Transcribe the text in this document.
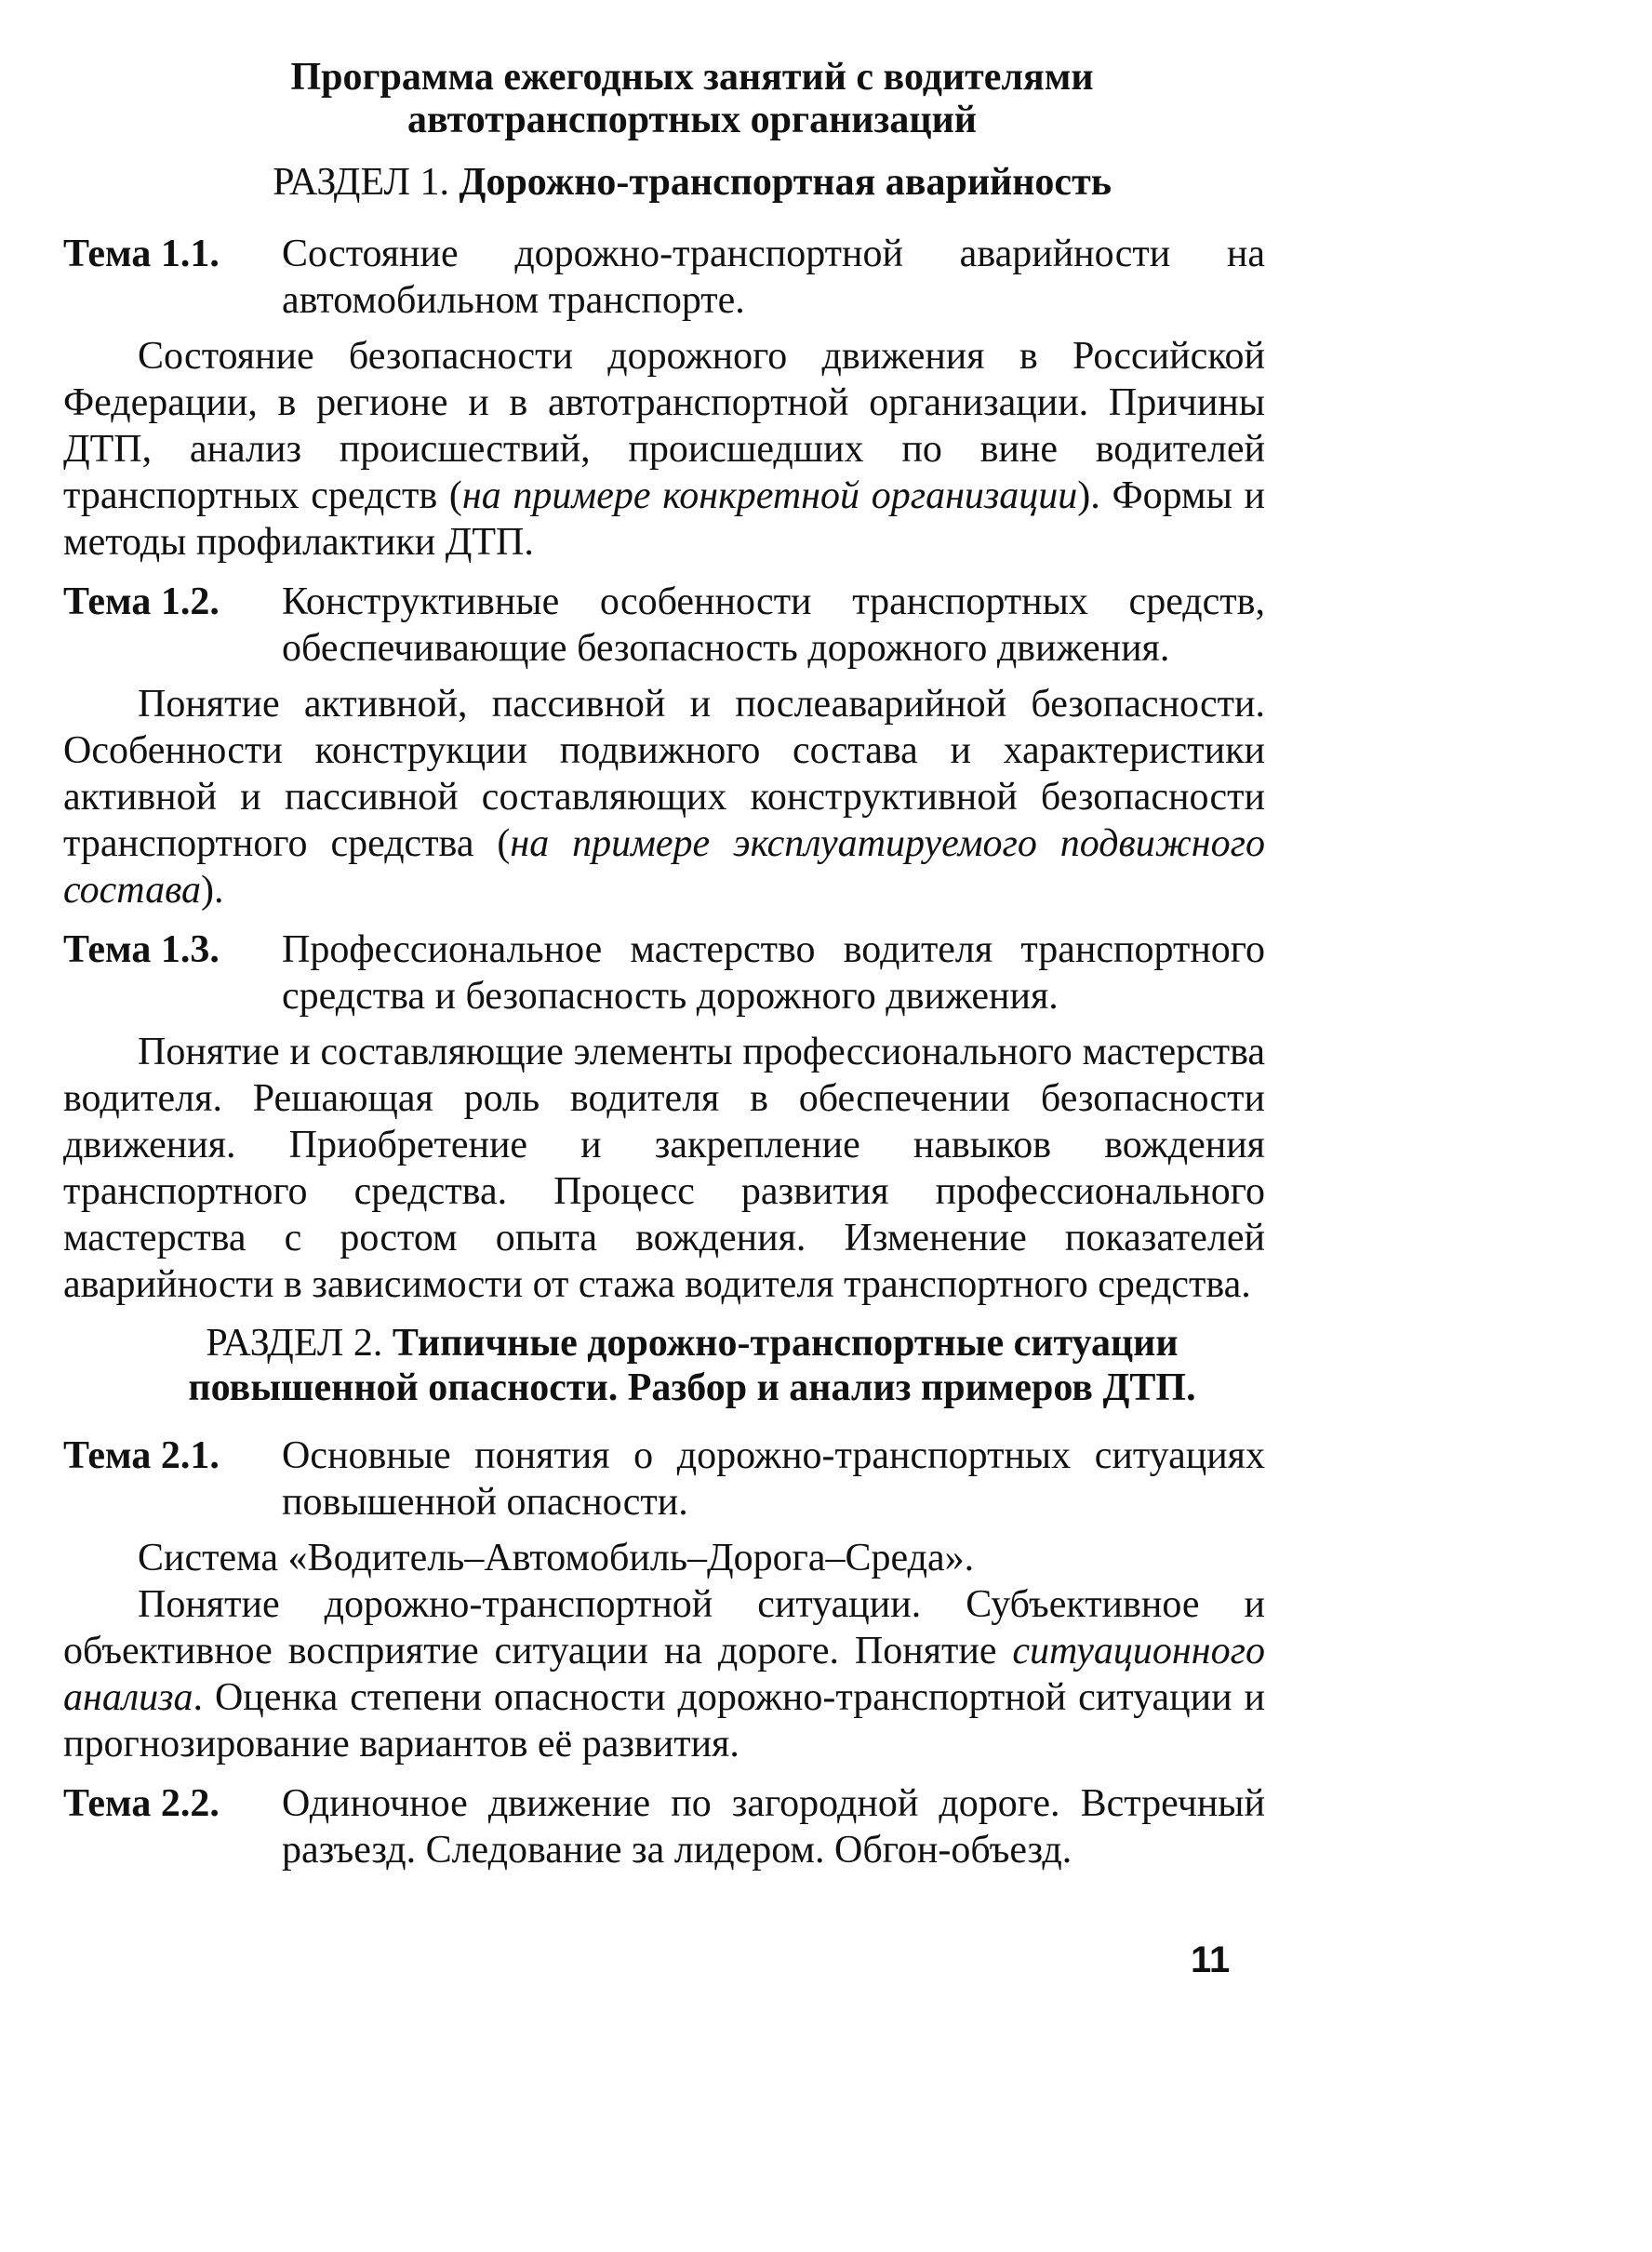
Программа ежегодных занятий с водителями
автотранспортных организаций
РАЗДЕЛ 1. Дорожно-транспортная аварийность
Тема 1.1.	Состояние дорожно-транспортной аварийности на автомобильном транспорте.

Состояние безопасности дорожного движения в Российской Федерации, в регионе и в автотранспортной организации. Причины ДТП, анализ происшествий, происшедших по вине водителей транспортных средств (на примере конкретной организации). Формы и методы профилактики ДТП.

Тема 1.2.	Конструктивные особенности транспортных средств, обеспечивающие безопасность дорожного движения.

Понятие активной, пассивной и послеаварийной безопасности. Особенности конструкции подвижного состава и характеристики активной и пассивной составляющих конструктивной безопасности транспортного средства (на примере эксплуатируемого подвижного состава).

Тема 1.3.	Профессиональное мастерство водителя транспортного средства и безопасность дорожного движения.

Понятие и составляющие элементы профессионального мастерства водителя. Решающая роль водителя в обеспечении безопасности движения. Приобретение и закрепление навыков вождения транспортного средства. Процесс развития профессионального мастерства с ростом опыта вождения. Изменение показателей аварийности в зависимости от стажа водителя транспортного средства.

РАЗДЕЛ 2. Типичные дорожно-транспортные ситуации повышенной опасности. Разбор и анализ примеров ДТП.
Тема 2.1.	Основные понятия о дорожно-транспортных ситуациях повышенной опасности.

Система «Водитель–Автомобиль–Дорога–Среда».

Понятие дорожно-транспортной ситуации. Субъективное и объективное восприятие ситуации на дороге. Понятие ситуационного анализа. Оценка степени опасности дорожно-транспортной ситуации и прогнозирование вариантов её развития.

Тема 2.2.	Одиночное движение по загородной дороге. Встречный разъезд. Следование за лидером. Обгон-объезд.
11
